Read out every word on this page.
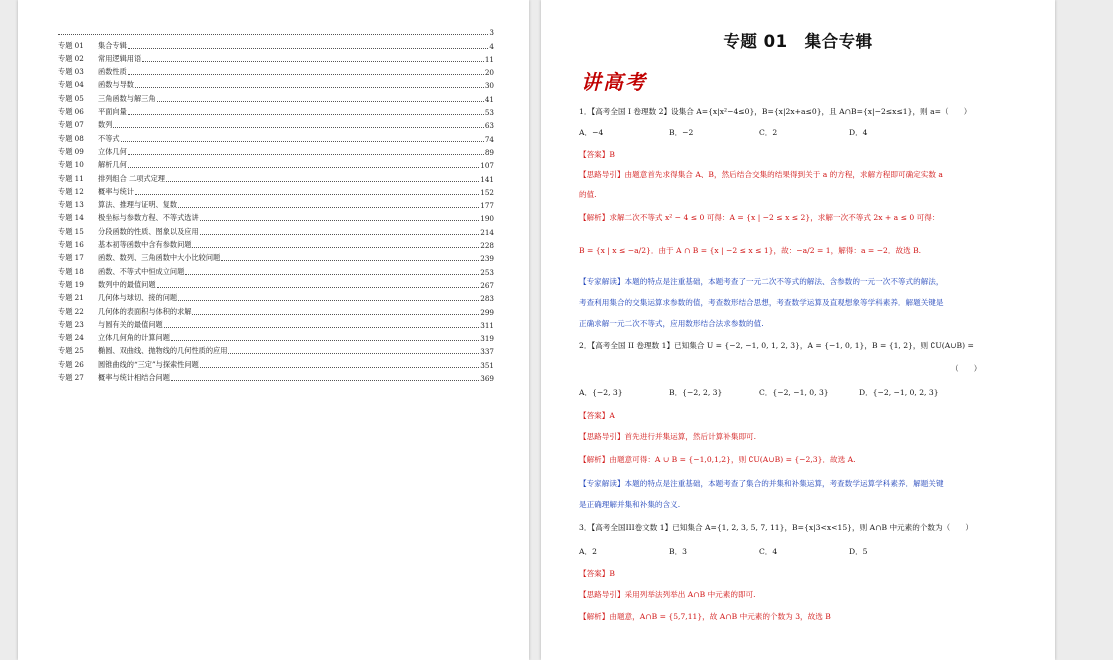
3
专题 01	集合专辑	4
专题 02	常用逻辑用语	11
专题 03	函数性质	20
专题 04	函数与导数	30
专题 05	三角函数与解三角	41
专题 06	平面向量	53
专题 07	数列	63
专题 08	不等式	74
专题 09	立体几何	89
专题 10	解析几何	107
专题 11	排列组合 二项式定理	141
专题 12	概率与统计	152
专题 13	算法、推理与证明、复数	177
专题 14	极坐标与参数方程、不等式选讲	190
专题 15	分段函数的性质、图象以及应用	214
专题 16	基本初等函数中含有参数问题	228
专题 17	函数、数列、三角函数中大小比较问题	239
专题 18	函数、不等式中恒成立问题	253
专题 19	数列中的最值问题	267
专题 21	几何体与球切、接的问题	283
专题 22	几何体的表面积与体积的求解	299
专题 23	与圆有关的最值问题	311
专题 24	立体几何角的计算问题	319
专题 25	椭圆、双曲线、抛物线的几何性质的应用	337
专题 26	圆锥曲线的“三定”与探索性问题	351
专题 27	概率与统计相结合问题	369
专题 01　集合专辑
讲高考
1．【高考全国 I 卷理数 2】设集合 A={x|x²−4≤0}，B={x|2x+a≤0}，且 A∩B={x|−2≤x≤1}，则 a=（　　）
A．−4	B．−2	C．2	D．4
【答案】B
【思路导引】由题意首先求得集合 A、B，然后结合交集的结果得到关于 a 的方程，求解方程即可确定实数 a
的值.
【解析】求解二次不等式 x² − 4 ≤ 0 可得：A = {x | −2 ≤ x ≤ 2}，求解一次不等式 2x + a ≤ 0 可得：
B = {x | x ≤ −a/2}．由于 A ∩ B = {x | −2 ≤ x ≤ 1}，故：−a/2 = 1，解得：a = −2．故选 B.
【专家解读】本题的特点是注重基础，本题考查了一元二次不等式的解法、含参数的一元一次不等式的解法，
考查利用集合的交集运算求参数的值，考查数形结合思想，考查数学运算及直观想象等学科素养．解题关键是
正确求解一元二次不等式，应用数形结合法求参数的值.
2．【高考全国 II 卷理数 1】已知集合 U = {−2, −1, 0, 1, 2, 3}，A = {−1, 0, 1}，B = {1, 2}，则 ∁U(A∪B) =
（　　）
A．{−2, 3}	B．{−2, 2, 3}	C．{−2, −1, 0, 3}	D．{−2, −1, 0, 2, 3}
【答案】A
【思路导引】首先进行并集运算，然后计算补集即可.
【解析】由题意可得：A ∪ B = {−1,0,1,2}，则 ∁U(A∪B) = {−2,3}．故选 A.
【专家解读】本题的特点是注重基础，本题考查了集合的并集和补集运算，考查数学运算学科素养．解题关键
是正确理解并集和补集的含义.
3．【高考全国III卷文数 1】已知集合 A={1, 2, 3, 5, 7, 11}，B={x|3<x<15}，则 A∩B 中元素的个数为（　　）
A．2	B．3	C．4	D．5
【答案】B
【思路导引】采用列举法列举出 A∩B 中元素的即可.
【解析】由题意，A∩B = {5,7,11}，故 A∩B 中元素的个数为 3，故选 B
